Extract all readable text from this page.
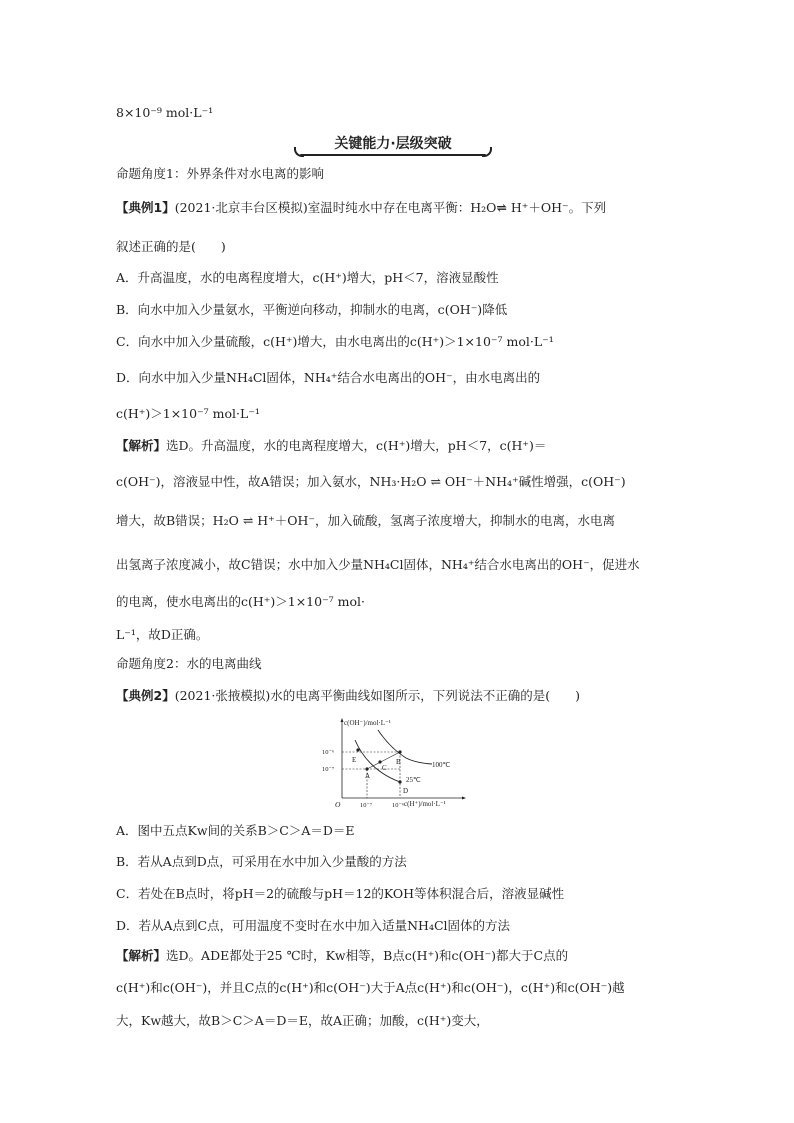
8×10⁻⁹ mol·L⁻¹
关键能力·层级突破
命题角度1：外界条件对水电离的影响
【典例1】(2021·北京丰台区模拟)室温时纯水中存在电离平衡：H₂O⇌ H⁺＋OH⁻。下列
叙述正确的是(　　)
A．升高温度，水的电离程度增大，c(H⁺)增大，pH＜7，溶液显酸性
B．向水中加入少量氨水，平衡逆向移动，抑制水的电离，c(OH⁻)降低
C．向水中加入少量硫酸，c(H⁺)增大，由水电离出的c(H⁺)＞1×10⁻⁷ mol·L⁻¹
D．向水中加入少量NH₄Cl固体，NH₄⁺结合水电离出的OH⁻，由水电离出的
c(H⁺)＞1×10⁻⁷ mol·L⁻¹
【解析】选D。升高温度，水的电离程度增大，c(H⁺)增大，pH＜7，c(H⁺)＝
c(OH⁻)，溶液显中性，故A错误；加入氨水，NH₃·H₂O ⇌ OH⁻＋NH₄⁺碱性增强，c(OH⁻)
增大，故B错误；H₂O ⇌ H⁺＋OH⁻，加入硫酸，氢离子浓度增大，抑制水的电离，水电离
出氢离子浓度减小，故C错误；水中加入少量NH₄Cl固体，NH₄⁺结合水电离出的OH⁻，促进水
的电离，使水电离出的c(H⁺)＞1×10⁻⁷ mol·
L⁻¹，故D正确。
命题角度2：水的电离曲线
【典例2】(2021·张掖模拟)水的电离平衡曲线如图所示，下列说法不正确的是(　　)
c(OH⁻)/mol·L⁻¹
c(H⁺)/mol·L⁻¹
O
10⁻⁶
10⁻⁷
10⁻⁷	10⁻⁶
100℃
25℃
A
B
C
D
E
A．图中五点Kw间的关系B＞C＞A＝D＝E
B．若从A点到D点，可采用在水中加入少量酸的方法
C．若处在B点时，将pH＝2的硫酸与pH＝12的KOH等体积混合后，溶液显碱性
D．若从A点到C点，可用温度不变时在水中加入适量NH₄Cl固体的方法
【解析】选D。ADE都处于25 ℃时，Kw相等，B点c(H⁺)和c(OH⁻)都大于C点的
c(H⁺)和c(OH⁻)，并且C点的c(H⁺)和c(OH⁻)大于A点c(H⁺)和c(OH⁻)，c(H⁺)和c(OH⁻)越
大，Kw越大，故B＞C＞A＝D＝E，故A正确；加酸，c(H⁺)变大，
